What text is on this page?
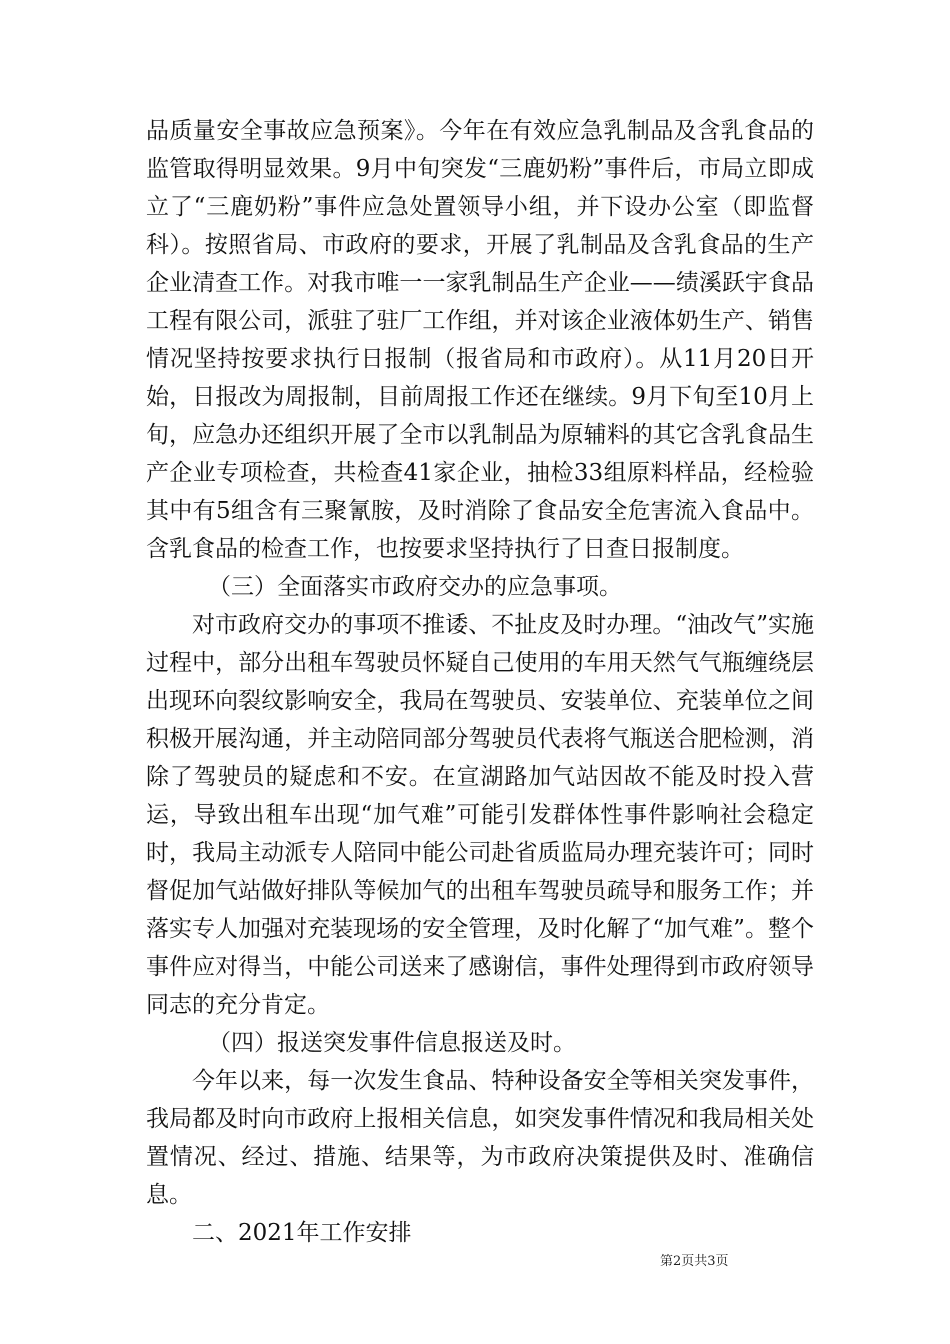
品质量安全事故应急预案》。今年在有效应急乳制品及含乳食品的监管取得明显效果。9月中旬突发“三鹿奶粉”事件后，市局立即成立了“三鹿奶粉”事件应急处置领导小组，并下设办公室（即监督科）。按照省局、市政府的要求，开展了乳制品及含乳食品的生产企业清查工作。对我市唯一一家乳制品生产企业——绩溪跃宇食品工程有限公司，派驻了驻厂工作组，并对该企业液体奶生产、销售情况坚持按要求执行日报制（报省局和市政府）。从11月20日开始，日报改为周报制，目前周报工作还在继续。9月下旬至10月上旬，应急办还组织开展了全市以乳制品为原辅料的其它含乳食品生产企业专项检查，共检查41家企业，抽检33组原料样品，经检验其中有5组含有三聚氰胺，及时消除了食品安全危害流入食品中。含乳食品的检查工作，也按要求坚持执行了日查日报制度。

（三）全面落实市政府交办的应急事项。

对市政府交办的事项不推诿、不扯皮及时办理。“油改气”实施过程中，部分出租车驾驶员怀疑自己使用的车用天然气气瓶缠绕层出现环向裂纹影响安全，我局在驾驶员、安装单位、充装单位之间积极开展沟通，并主动陪同部分驾驶员代表将气瓶送合肥检测，消除了驾驶员的疑虑和不安。在宣湖路加气站因故不能及时投入营运，导致出租车出现“加气难”可能引发群体性事件影响社会稳定时，我局主动派专人陪同中能公司赴省质监局办理充装许可；同时督促加气站做好排队等候加气的出租车驾驶员疏导和服务工作；并落实专人加强对充装现场的安全管理，及时化解了“加气难”。整个事件应对得当，中能公司送来了感谢信，事件处理得到市政府领导同志的充分肯定。

（四）报送突发事件信息报送及时。

今年以来，每一次发生食品、特种设备安全等相关突发事件，我局都及时向市政府上报相关信息，如突发事件情况和我局相关处置情况、经过、措施、结果等，为市政府决策提供及时、准确信息。

二、2021年工作安排

第2页共3页
